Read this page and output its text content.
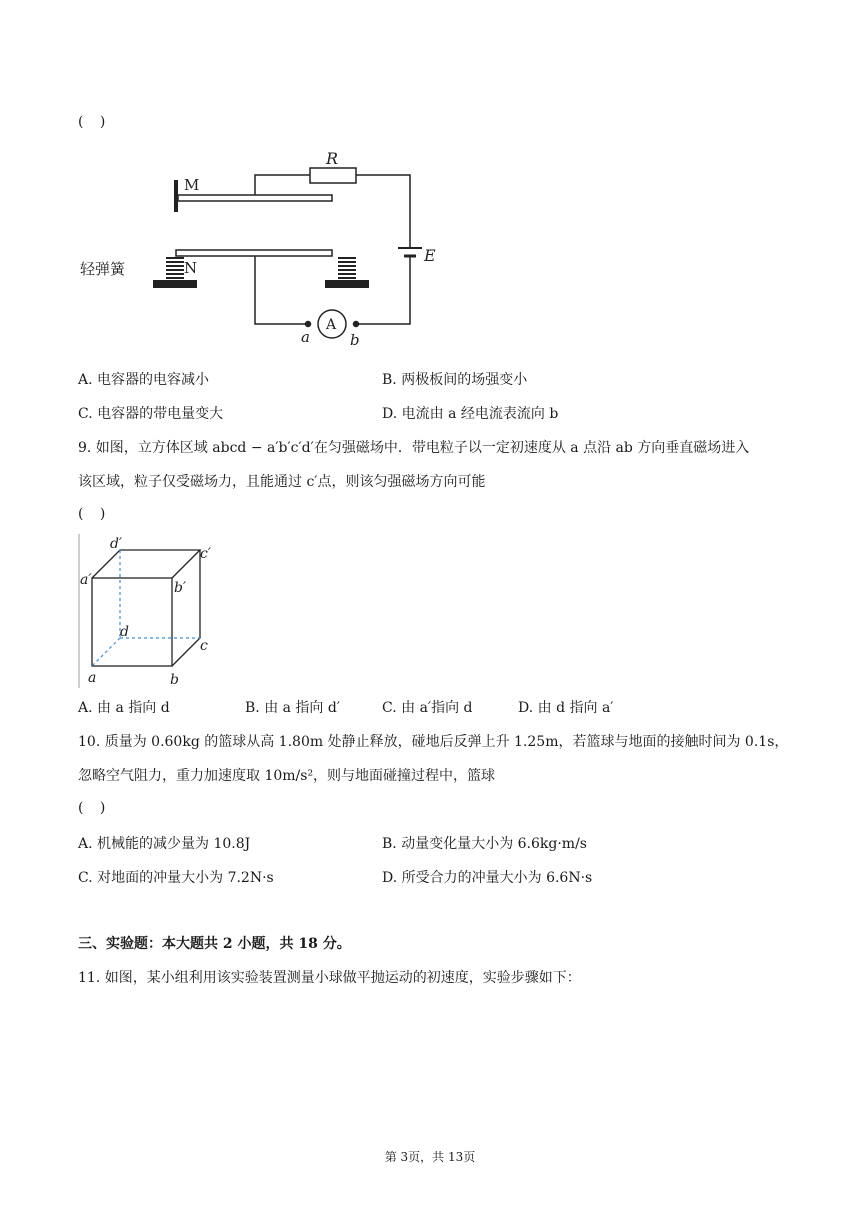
( )
R
M
N
E
轻弹簧
A
a	b
A. 电容器的电容减小	B. 两极板间的场强变小
C. 电容器的带电量变大	D. 电流由 a 经电流表流向 b
9. 如图，立方体区域 abcd − a′b′c′d′在匀强磁场中．带电粒子以一定初速度从 a 点沿 ab 方向垂直磁场进入
该区域，粒子仅受磁场力，且能通过 c′点，则该匀强磁场方向可能
( )
d′
c′
a′	b′
d
c
a	b
A. 由 a 指向 d	B. 由 a 指向 d′	C. 由 a′指向 d	D. 由 d 指向 a′
10. 质量为 0.60kg 的篮球从高 1.80m 处静止释放，碰地后反弹上升 1.25m，若篮球与地面的接触时间为 0.1s，
忽略空气阻力，重力加速度取 10m/s²，则与地面碰撞过程中，篮球
( )
A. 机械能的减少量为 10.8J	B. 动量变化量大小为 6.6kg·m/s
C. 对地面的冲量大小为 7.2N·s	D. 所受合力的冲量大小为 6.6N·s
三、实验题：本大题共 2 小题，共 18 分。
11. 如图，某小组利用该实验装置测量小球做平抛运动的初速度，实验步骤如下：
第 3页，共 13页
